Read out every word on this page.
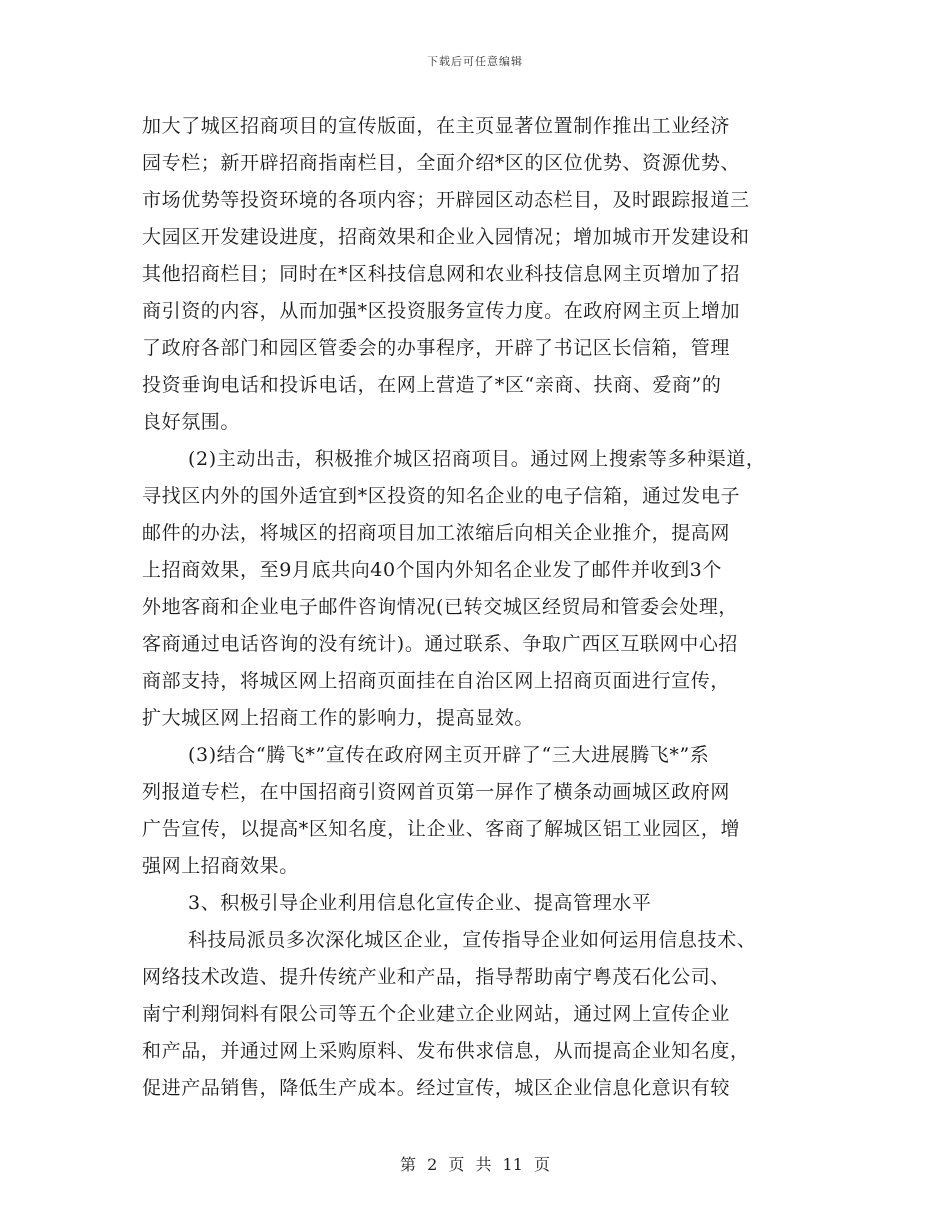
下载后可任意编辑
加大了城区招商项目的宣传版面，在主页显著位置制作推出工业经济
园专栏；新开辟招商指南栏目，全面介绍*区的区位优势、资源优势、
市场优势等投资环境的各项内容；开辟园区动态栏目，及时跟踪报道三
大园区开发建设进度，招商效果和企业入园情况；增加城市开发建设和
其他招商栏目；同时在*区科技信息网和农业科技信息网主页增加了招
商引资的内容，从而加强*区投资服务宣传力度。在政府网主页上增加
了政府各部门和园区管委会的办事程序，开辟了书记区长信箱，管理
投资垂询电话和投诉电话，在网上营造了*区“亲商、扶商、爱商”的
良好氛围。
(2)主动出击，积极推介城区招商项目。通过网上搜索等多种渠道，
寻找区内外的国外适宜到*区投资的知名企业的电子信箱，通过发电子
邮件的办法，将城区的招商项目加工浓缩后向相关企业推介，提高网
上招商效果，至9月底共向40个国内外知名企业发了邮件并收到3个
外地客商和企业电子邮件咨询情况(已转交城区经贸局和管委会处理，
客商通过电话咨询的没有统计)。通过联系、争取广西区互联网中心招
商部支持，将城区网上招商页面挂在自治区网上招商页面进行宣传，
扩大城区网上招商工作的影响力，提高显效。
(3)结合“腾飞*”宣传在政府网主页开辟了“三大进展腾飞*”系
列报道专栏，在中国招商引资网首页第一屏作了横条动画城区政府网
广告宣传，以提高*区知名度，让企业、客商了解城区铝工业园区，增
强网上招商效果。
3、积极引导企业利用信息化宣传企业、提高管理水平
科技局派员多次深化城区企业，宣传指导企业如何运用信息技术、
网络技术改造、提升传统产业和产品，指导帮助南宁粤茂石化公司、
南宁利翔饲料有限公司等五个企业建立企业网站，通过网上宣传企业
和产品，并通过网上采购原料、发布供求信息，从而提高企业知名度，
促进产品销售，降低生产成本。经过宣传，城区企业信息化意识有较
第 2 页 共 11 页
